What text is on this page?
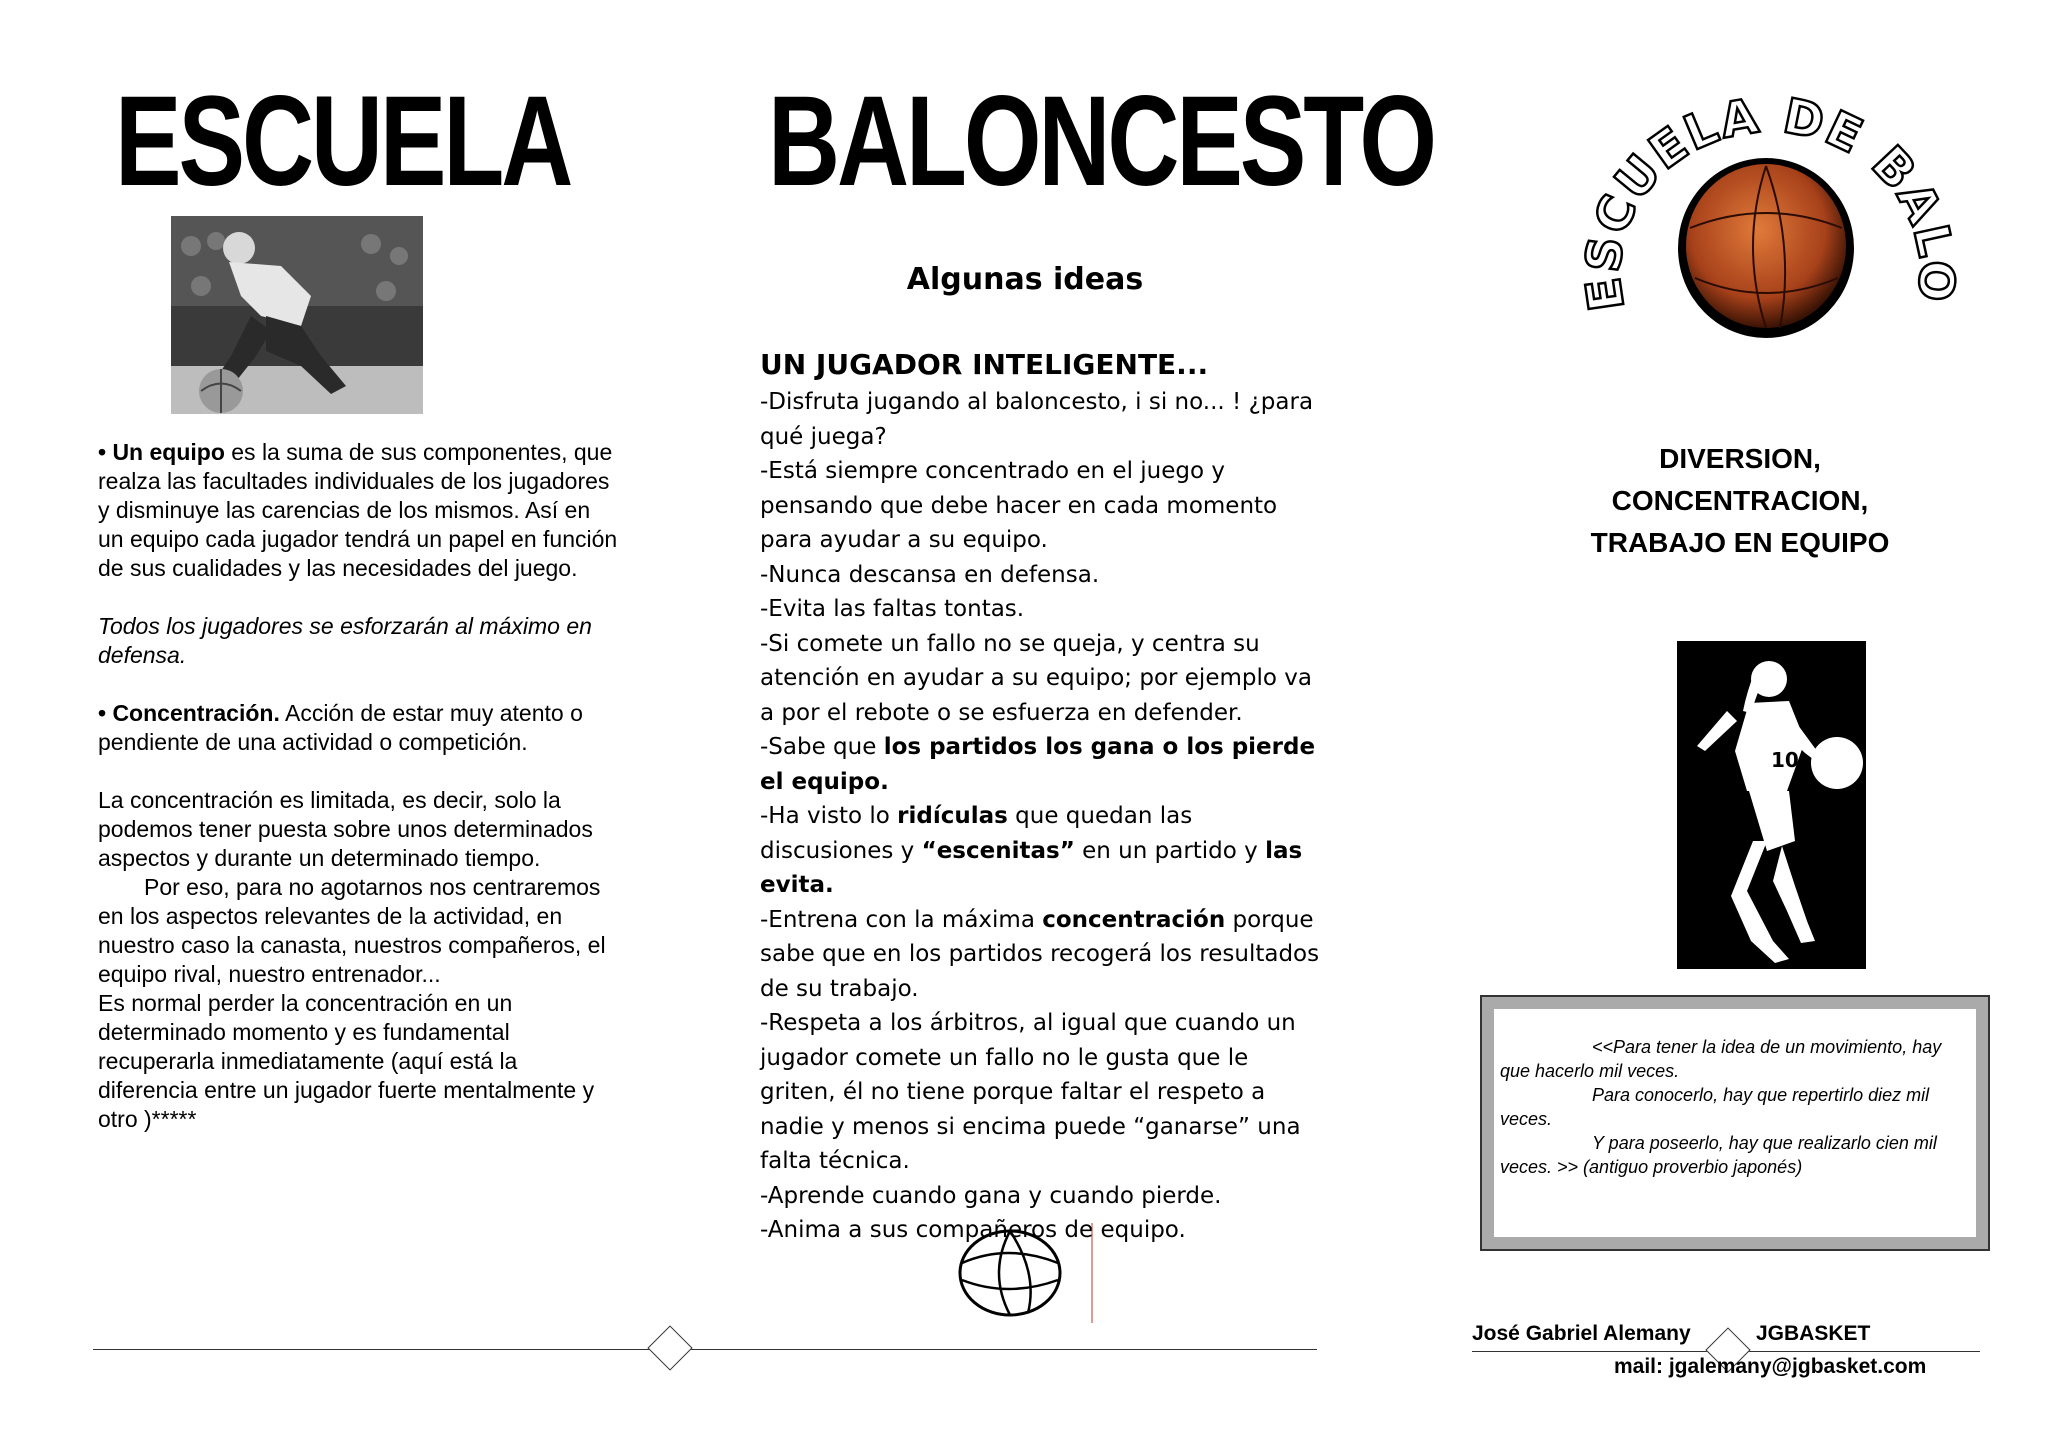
ESCUELA

• Un equipo es la suma de sus componentes, que realza las facultades individuales de los jugadores y disminuye las carencias de los mismos. Así en un equipo cada jugador tendrá un papel en función de sus cualidades y las necesidades del juego.

Todos los jugadores se esforzarán al máximo en defensa.

• Concentración. Acción de estar muy atento o pendiente de una actividad o competición.

La concentración es limitada, es decir, solo la podemos tener puesta sobre unos determinados aspectos y durante un determinado tiempo.

Por eso, para no agotarnos nos centraremos en los aspectos relevantes de la actividad, en nuestro caso la canasta, nuestros compañeros, el equipo rival, nuestro entrenador...

Es normal perder la concentración en un determinado momento y es fundamental recuperarla inmediatamente (aquí está la diferencia entre un jugador fuerte mentalmente y otro )*****

BALONCESTO
Algunas ideas
UN JUGADOR INTELIGENTE...

-Disfruta jugando al baloncesto, i si no... ! ¿para qué juega?

-Está siempre concentrado en el juego y pensando que debe hacer en cada momento para ayudar a su equipo.

-Nunca descansa en defensa.

-Evita las faltas tontas.

-Si comete un fallo no se queja, y centra su atención en ayudar a su equipo; por ejemplo va a por el rebote o se esfuerza en defender.

-Sabe que los partidos los gana o los pierde el equipo.

-Ha visto lo ridículas que quedan las discusiones y “escenitas” en un partido y las evita.

-Entrena con la máxima concentración porque sabe que en los partidos recogerá los resultados de su trabajo.

-Respeta a los árbitros, al igual que cuando un jugador comete un fallo no le gusta que le griten, él no tiene porque faltar el respeto a nadie y menos si encima puede “ganarse” una falta técnica.

-Aprende cuando gana y cuando pierde.

-Anima a sus compañeros de equipo.

ESCUELA DE BALO
DIVERSION,
CONCENTRACION,
TRABAJO EN EQUIPO
10

<<Para tener la idea de un movimiento, hay que hacerlo mil veces.

Para conocerlo, hay que repertirlo diez mil veces.

Y para poseerlo, hay que realizarlo cien mil veces. >> (antiguo proverbio japonés)

José Gabriel Alemany	JGBASKET
mail: jgalemany@jgbasket.com
